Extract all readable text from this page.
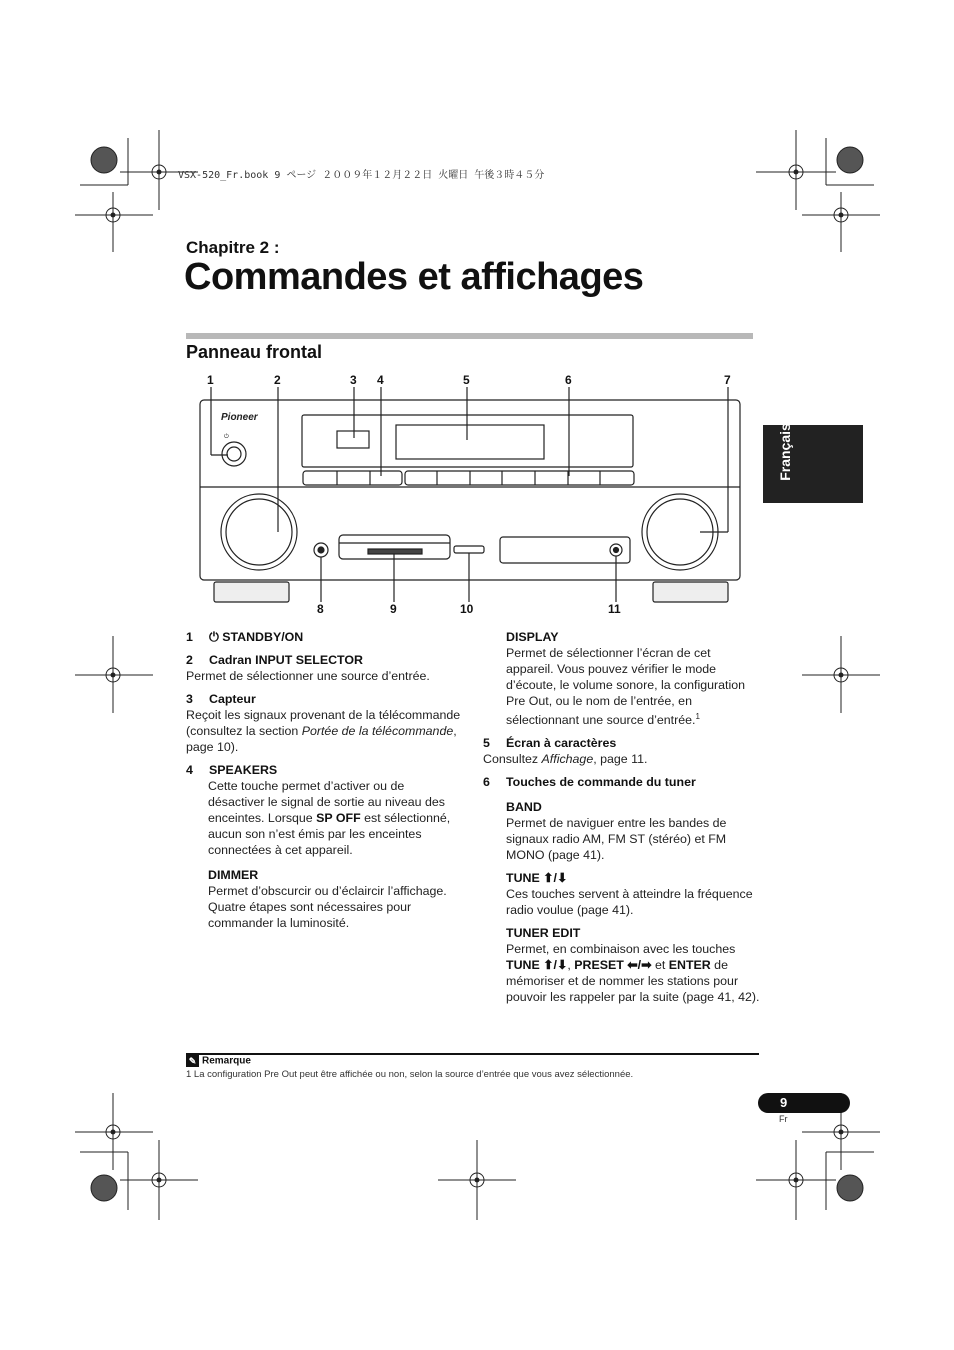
VSX-520_Fr.book 9 ページ ２００９年１２月２２日 火曜日 午後３時４５分
Chapitre 2 :
Commandes et affichages
Panneau frontal
Français
1	2	3 4	5	6	7
8	9	10	11
⏻
Pioneer

1 ⏻ STANDBY/ON

2 Cadran INPUT SELECTOR

Permet de sélectionner une source d’entrée.

3 Capteur

Reçoit les signaux provenant de la télécommande (consultez la section Portée de la télécommande, page 10).

4 SPEAKERS

Cette touche permet d’activer ou de désactiver le signal de sortie au niveau des enceintes. Lorsque SP OFF est sélectionné, aucun son n’est émis par les enceintes connectées à cet appareil.

DIMMER

Permet d’obscurcir ou d’éclaircir l’affichage. Quatre étapes sont nécessaires pour commander la luminosité.

DISPLAY

Permet de sélectionner l’écran de cet appareil. Vous pouvez vérifier le mode d’écoute, le volume sonore, la configuration Pre Out, ou le nom de l’entrée, en sélectionnant une source d’entrée.$^1$

5 Écran à caractères

Consultez Affichage, page 11.

6 Touches de commande du tuner

BAND

Permet de naviguer entre les bandes de signaux radio AM, FM ST (stéréo) et FM MONO (page 41).

TUNE ⬆/⬇

Ces touches servent à atteindre la fréquence radio voulue (page 41).

TUNER EDIT

Permet, en combinaison avec les touches TUNE ⬆/⬇, PRESET ⬅/➡ et ENTER de mémoriser et de nommer les stations pour pouvoir les rappeler par la suite (page 41, 42).

✎ Remarque
1 La configuration Pre Out peut être affichée ou non, selon la source d’entrée que vous avez sélectionnée.
9
Fr
